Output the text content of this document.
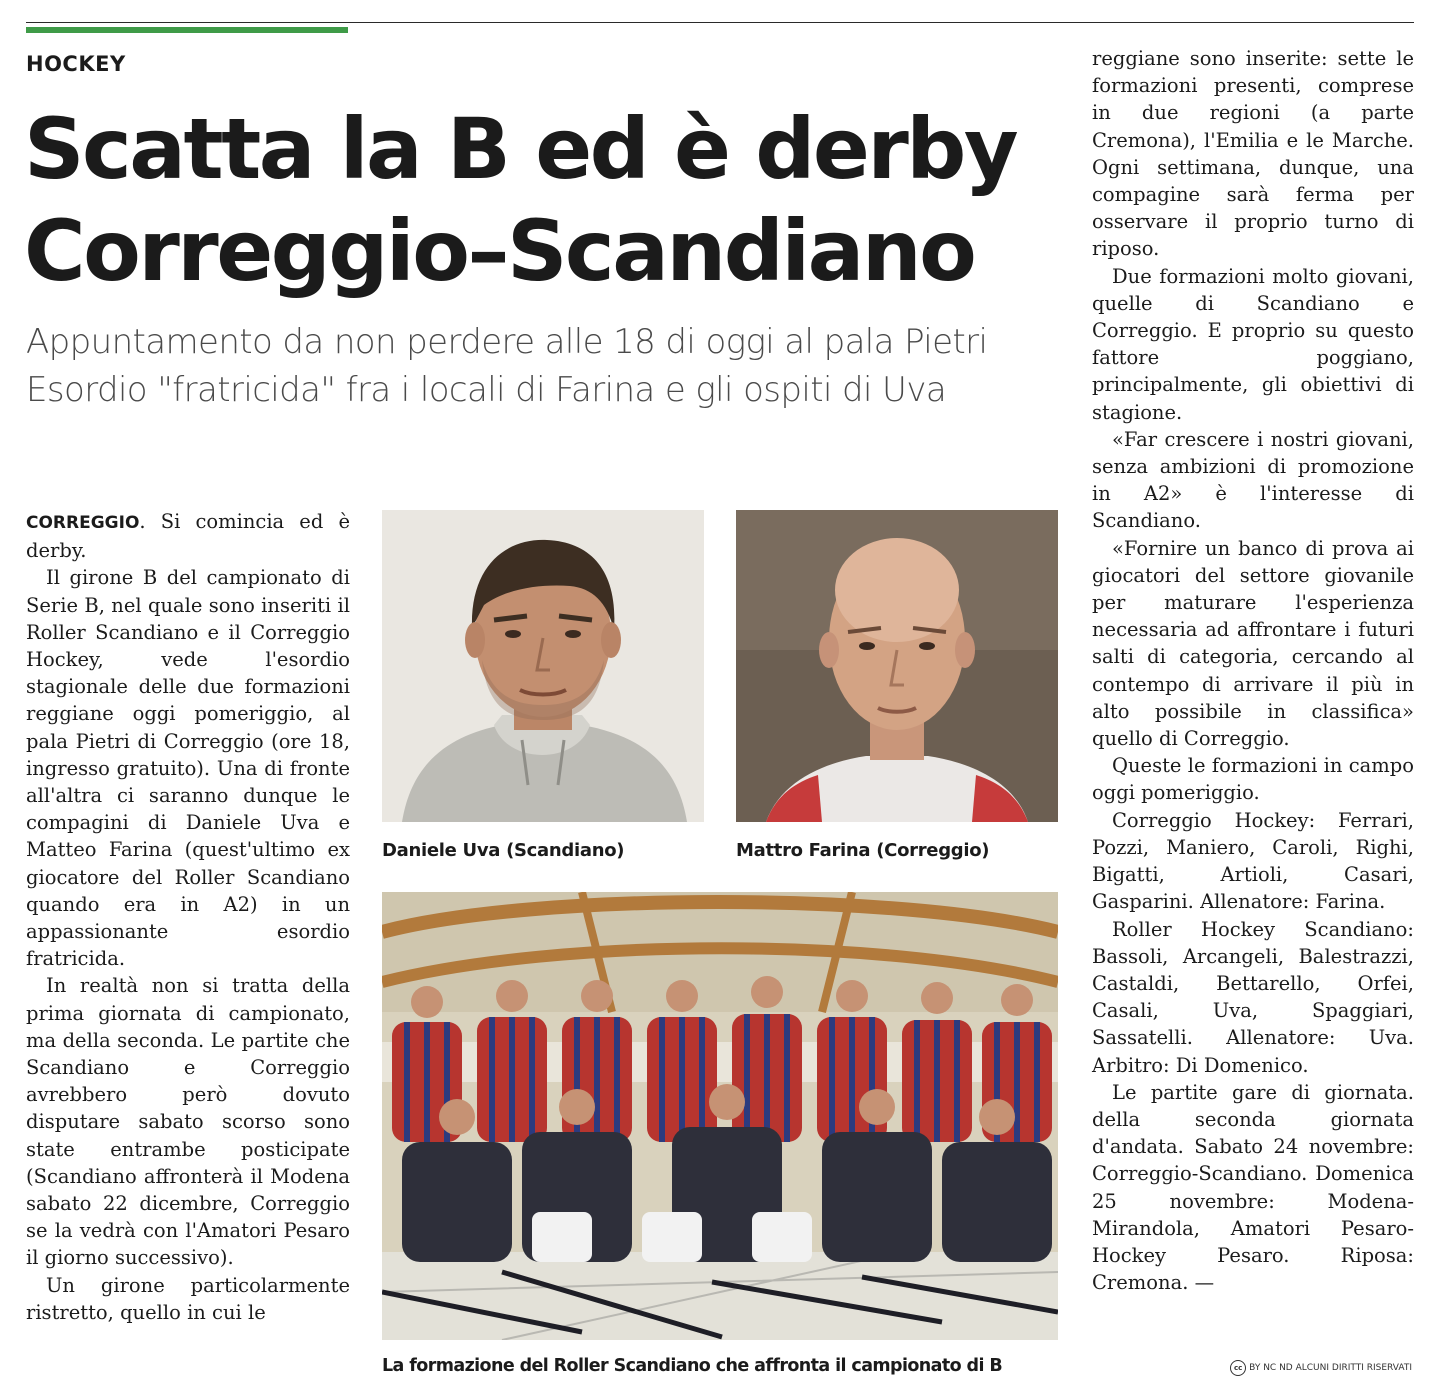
HOCKEY
Scatta la B ed è derby
Correggio–Scandiano
Appuntamento da non perdere alle 18 di oggi al pala Pietri
Esordio "fratricida" fra i locali di Farina e gli ospiti di Uva

CORREGGIO. Si comincia ed è derby.

Il girone B del campionato di Serie B, nel quale sono inseriti il Roller Scandiano e il Correggio Hockey, vede l'esordio stagionale delle due formazioni reggiane oggi pomeriggio, al pala Pietri di Correggio (ore 18, ingresso gratuito). Una di fronte all'altra ci saranno dunque le compagini di Daniele Uva e Matteo Farina (quest'ultimo ex giocatore del Roller Scandiano quando era in A2) in un appassionante esordio fratricida.

In realtà non si tratta della prima giornata di campionato, ma della seconda. Le partite che Scandiano e Correggio avrebbero però dovuto disputare sabato scorso sono state entrambe posticipate (Scandiano affronterà il Modena sabato 22 dicembre, Correggio se la vedrà con l'Amatori Pesaro il giorno successivo).

Un girone particolarmente ristretto, quello in cui le

Daniele Uva (Scandiano)	Mattro Farina (Correggio)
La formazione del Roller Scandiano che affronta il campionato di B

reggiane sono inserite: sette le formazioni presenti, comprese in due regioni (a parte Cremona), l'Emilia e le Marche. Ogni settimana, dunque, una compagine sarà ferma per osservare il proprio turno di riposo.

Due formazioni molto giovani, quelle di Scandiano e Correggio. E proprio su questo fattore poggiano, principalmente, gli obiettivi di stagione.

«Far crescere i nostri giovani, senza ambizioni di promozione in A2» è l'interesse di Scandiano.

«Fornire un banco di prova ai giocatori del settore giovanile per maturare l'esperienza necessaria ad affrontare i futuri salti di categoria, cercando al contempo di arrivare il più in alto possibile in classifica» quello di Correggio.

Queste le formazioni in campo oggi pomeriggio.

Correggio Hockey: Ferrari, Pozzi, Maniero, Caroli, Righi, Bigatti, Artioli, Casari, Gasparini. Allenatore: Farina.

Roller Hockey Scandiano: Bassoli, Arcangeli, Balestrazzi, Castaldi, Bettarello, Orfei, Casali, Uva, Spaggiari, Sassatelli. Allenatore: Uva. Arbitro: Di Domenico.

Le partite gare di giornata. della seconda giornata d'andata. Sabato 24 novembre: Correggio-Scandiano. Domenica 25 novembre: Modena-Mirandola, Amatori Pesaro-Hockey Pesaro. Riposa: Cremona. —

cc BY NC ND ALCUNI DIRITTI RISERVATI
